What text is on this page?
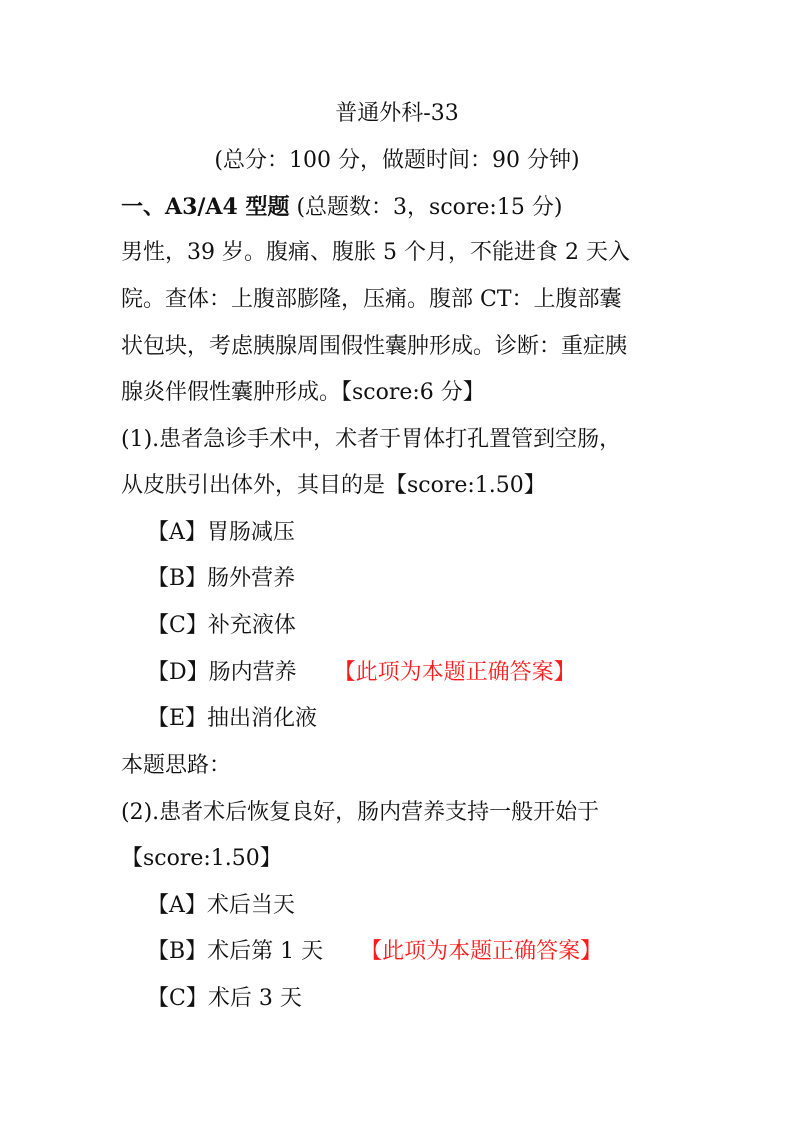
普通外科-33
(总分：100 分，做题时间：90 分钟)
一、A3/A4 型题 (总题数：3，score:15 分)
男性，39 岁。腹痛、腹胀 5 个月，不能进食 2 天入
院。查体：上腹部膨隆，压痛。腹部 CT：上腹部囊
状包块，考虑胰腺周围假性囊肿形成。诊断：重症胰
腺炎伴假性囊肿形成。【score:6 分】
(1).患者急诊手术中，术者于胃体打孔置管到空肠，
从皮肤引出体外，其目的是【score:1.50】
【A】胃肠减压
【B】肠外营养
【C】补充液体
【D】肠内营养 【此项为本题正确答案】
【E】抽出消化液
本题思路：
(2).患者术后恢复良好，肠内营养支持一般开始于
【score:1.50】
【A】术后当天
【B】术后第 1 天 【此项为本题正确答案】
【C】术后 3 天
